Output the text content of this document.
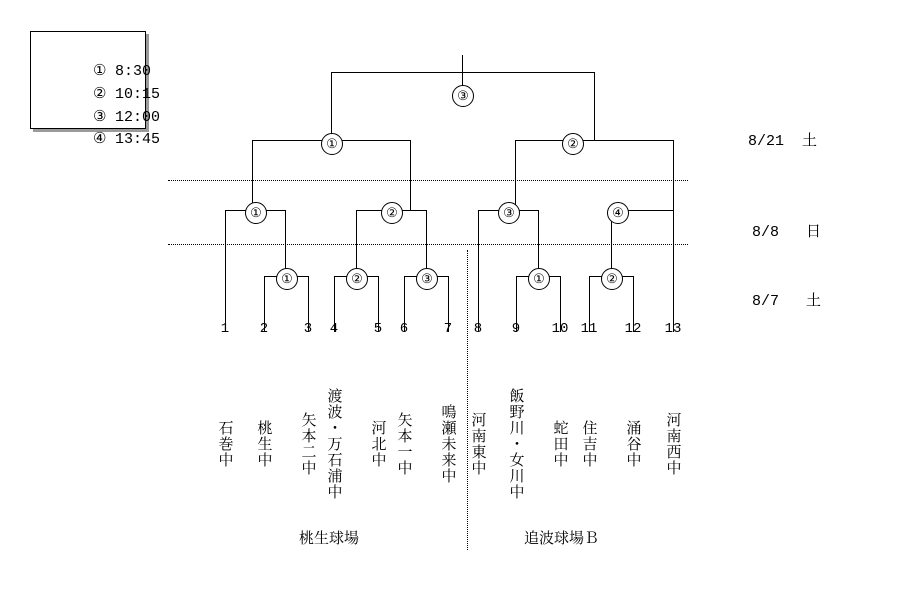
① 8:30

② 10:15

③ 12:00

④ 13:45
	8/21 土

8/8 日

8/7 土

③
①	②
①	②	③	④
①	②	③	①	②
1
石巻中
2
桃生中
3
矢本二中
4
渡波・万石浦中
5
河北中
6
矢本一中
7
鳴瀬未来中
8
河南東中
9
飯野川・女川中
10
蛇田中
11
住吉中
12
涌谷中
13
河南西中
桃生球場	追波球場Ｂ
